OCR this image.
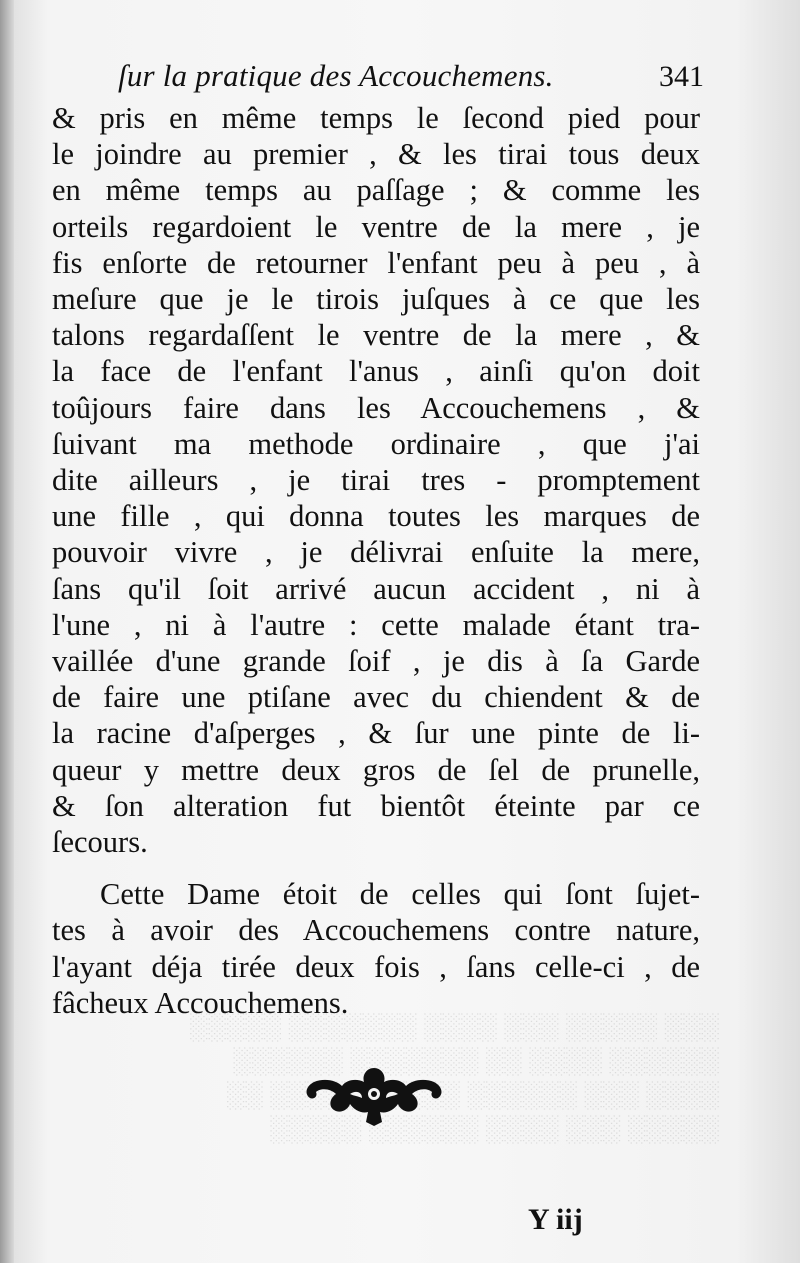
░░░ ░░░░░ ░░░ ░░░░ ░░░░░░░ ░░░░░
░░░░░░ ░░░░ ░░ ░░░░░░░ ░░░░░░
░░░░ ░░░ ░░░░░░ ░░░░ ░░░░░░ ░░
░░░░░ ░░░ ░░░░ ░░░░░░ ░░░░░
ſur la pratique des Accouchemens.	341
& pris en même temps le ſecond pied pour
le joindre au premier , & les tirai tous deux
en même temps au paſſage ; & comme les
orteils regardoient le ventre de la mere , je
fis enſorte de retourner l'enfant peu à peu , à
meſure que je le tirois juſques à ce que les
talons regardaſſent le ventre de la mere , &
la face de l'enfant l'anus , ainſi qu'on doit
toûjours faire dans les Accouchemens , &
ſuivant ma methode ordinaire , que j'ai
dite ailleurs , je tirai tres - promptement
une fille , qui donna toutes les marques de
pouvoir vivre , je délivrai enſuite la mere,
ſans qu'il ſoit arrivé aucun accident , ni à
l'une , ni à l'autre : cette malade étant tra-
vaillée d'une grande ſoif , je dis à ſa Garde
de faire une ptiſane avec du chiendent & de
la racine d'aſperges , & ſur une pinte de li-
queur y mettre deux gros de ſel de prunelle,
& ſon alteration fut bientôt éteinte par ce
ſecours.
Cette Dame étoit de celles qui ſont ſujet-
tes à avoir des Accouchemens contre nature,
l'ayant déja tirée deux fois , ſans celle-ci , de
fâcheux Accouchemens.
Y iij
